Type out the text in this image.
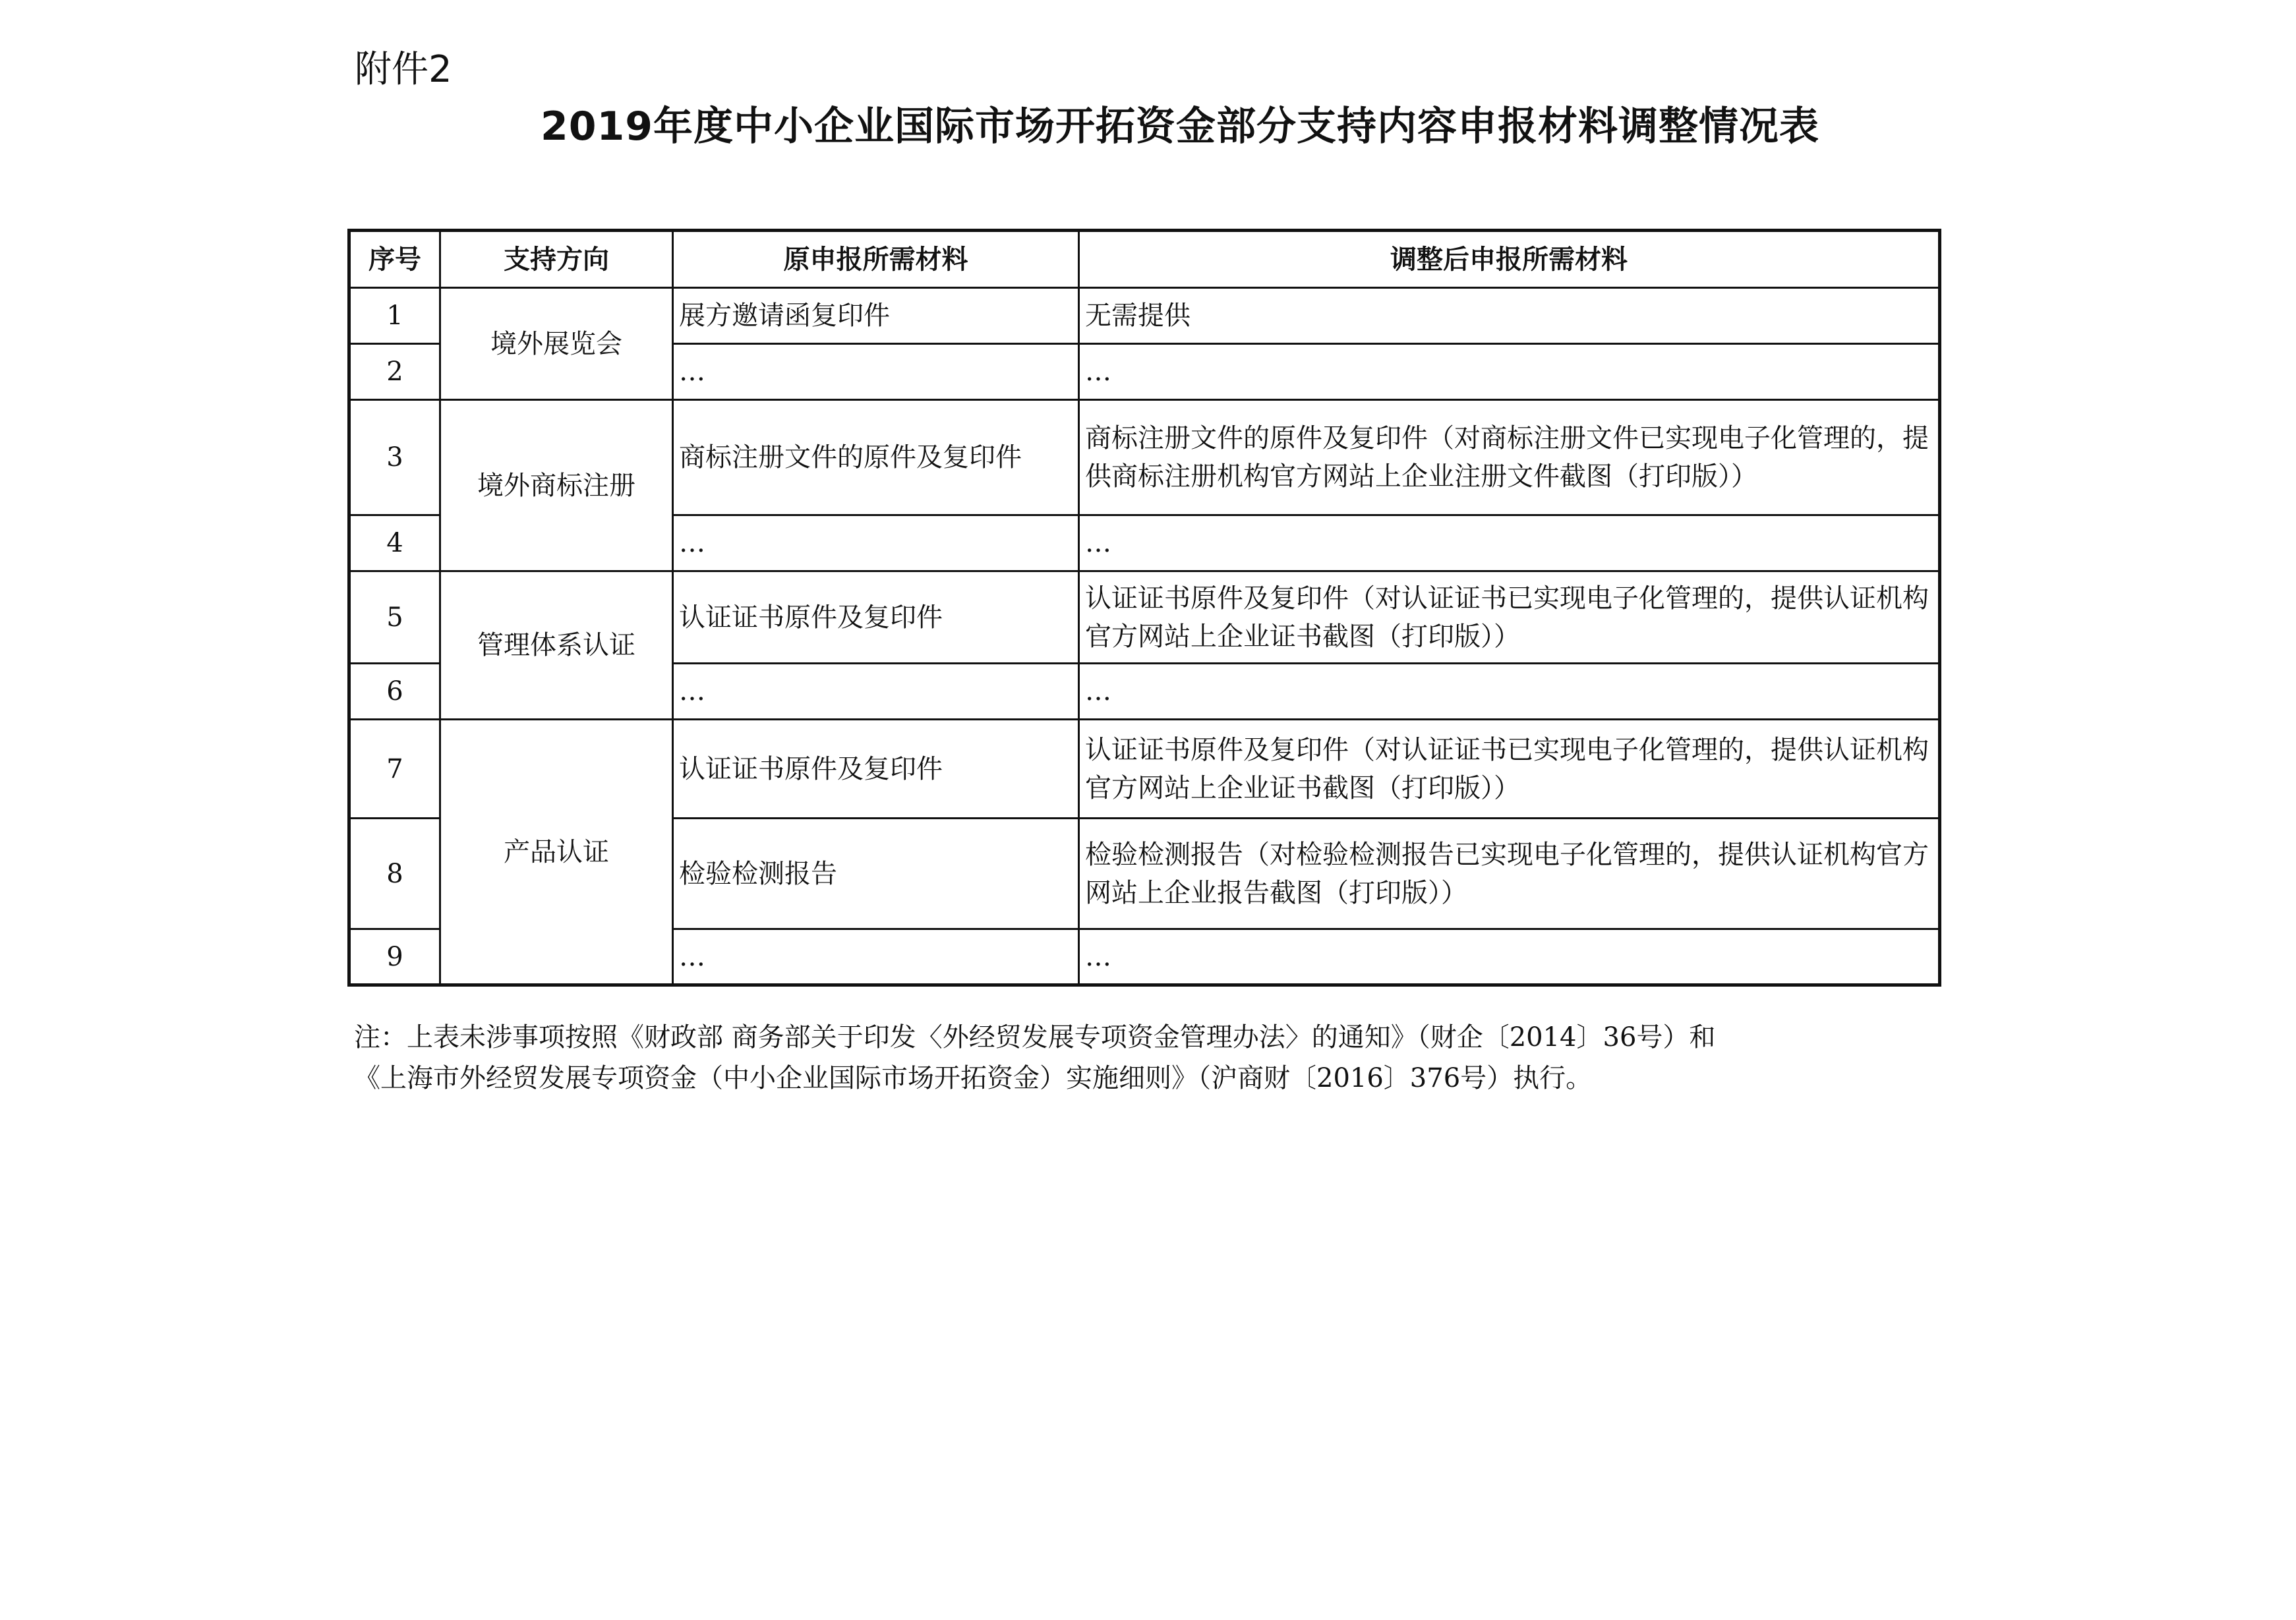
附件2
2019年度中小企业国际市场开拓资金部分支持内容申报材料调整情况表
序号	支持方向	原申报所需材料	调整后申报所需材料
1	境外展览会	展方邀请函复印件	无需提供
2		…	…
3	境外商标注册	商标注册文件的原件及复印件	商标注册文件的原件及复印件（对商标注册文件已实现电子化管理的，提供商标注册机构官方网站上企业注册文件截图（打印版））
4		…	…
5	管理体系认证	认证证书原件及复印件	认证证书原件及复印件（对认证证书已实现电子化管理的，提供认证机构官方网站上企业证书截图（打印版））
6		…	…
7	产品认证	认证证书原件及复印件	认证证书原件及复印件（对认证证书已实现电子化管理的，提供认证机构官方网站上企业证书截图（打印版））
8		检验检测报告	检验检测报告（对检验检测报告已实现电子化管理的，提供认证机构官方网站上企业报告截图（打印版））
9		…	…

注：上表未涉事项按照《财政部 商务部关于印发〈外经贸发展专项资金管理办法〉的通知》（财企〔2014〕36号）和

《上海市外经贸发展专项资金（中小企业国际市场开拓资金）实施细则》（沪商财〔2016〕376号）执行。
